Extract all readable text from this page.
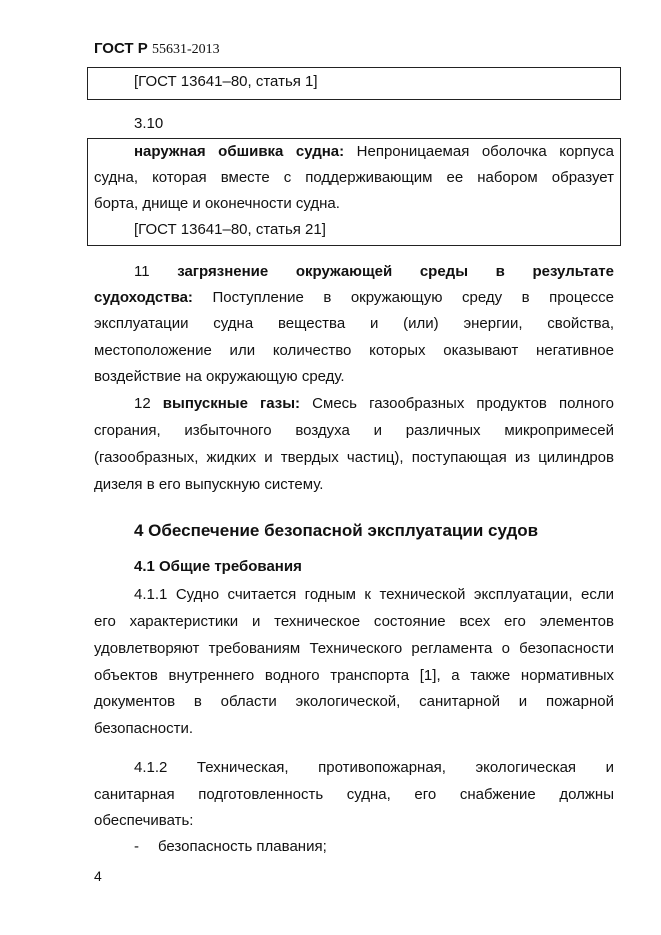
ГОСТ Р 55631-2013
[ГОСТ 13641–80, статья 1]
3.10
наружная обшивка судна: Непроницаемая оболочка корпуса
судна, которая вместе с поддерживающим ее набором образует
борта, днище и оконечности судна.
[ГОСТ 13641–80, статья 21]
11 загрязнение окружающей среды в результате
судоходства: Поступление в окружающую среду в процессе
эксплуатации судна вещества и (или) энергии, свойства,
местоположение или количество которых оказывают негативное
воздействие на окружающую среду.
12 выпускные газы: Смесь газообразных продуктов полного
сгорания, избыточного воздуха и различных микропримесей
(газообразных, жидких и твердых частиц), поступающая из цилиндров
дизеля в его выпускную систему.
4 Обеспечение безопасной эксплуатации судов
4.1 Общие требования
4.1.1 Судно считается годным к технической эксплуатации, если
его характеристики и техническое состояние всех его элементов
удовлетворяют требованиям Технического регламента о безопасности
объектов внутреннего водного транспорта [1], а также нормативных
документов в области экологической, санитарной и пожарной
безопасности.
4.1.2 Техническая, противопожарная, экологическая и
санитарная подготовленность судна, его снабжение должны
обеспечивать:
- безопасность плавания;
4
